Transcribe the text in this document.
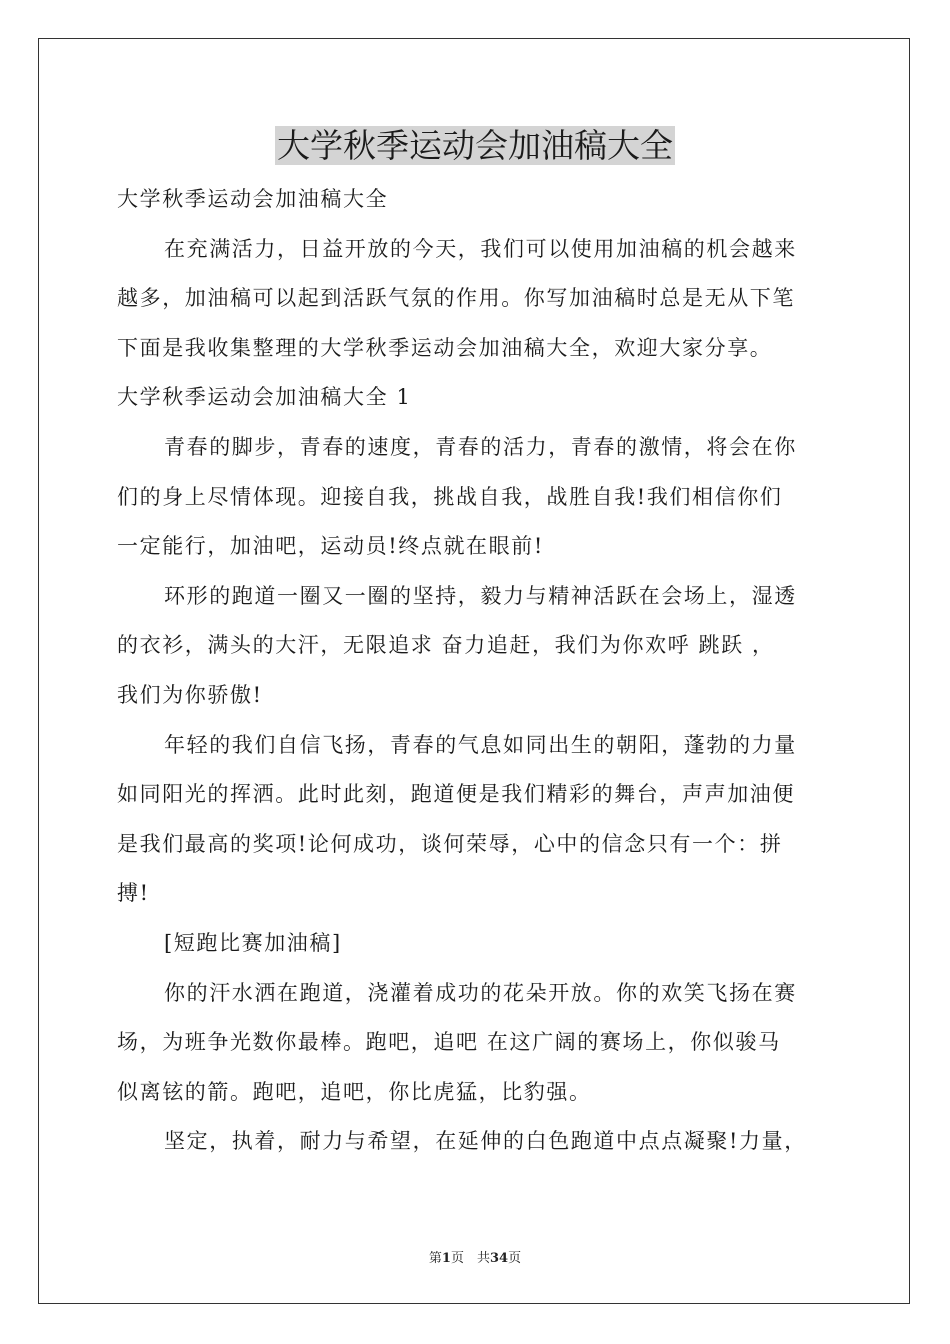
大学秋季运动会加油稿大全
大学秋季运动会加油稿大全
在充满活力，日益开放的今天，我们可以使用加油稿的机会越来
越多，加油稿可以起到活跃气氛的作用。你写加油稿时总是无从下笔
下面是我收集整理的大学秋季运动会加油稿大全，欢迎大家分享。
大学秋季运动会加油稿大全 1
青春的脚步，青春的速度，青春的活力，青春的激情，将会在你
们的身上尽情体现。迎接自我，挑战自我，战胜自我!我们相信你们
一定能行，加油吧，运动员!终点就在眼前!
环形的跑道一圈又一圈的坚持，毅力与精神活跃在会场上，湿透
的衣衫，满头的大汗，无限追求 奋力追赶，我们为你欢呼 跳跃 ，
我们为你骄傲!
年轻的我们自信飞扬，青春的气息如同出生的朝阳，蓬勃的力量
如同阳光的挥洒。此时此刻，跑道便是我们精彩的舞台，声声加油便
是我们最高的奖项!论何成功，谈何荣辱，心中的信念只有一个：拼
搏!
[短跑比赛加油稿]
你的汗水洒在跑道，浇灌着成功的花朵开放。你的欢笑飞扬在赛
场，为班争光数你最棒。跑吧，追吧 在这广阔的赛场上，你似骏马
似离铉的箭。跑吧，追吧，你比虎猛，比豹强。
坚定，执着，耐力与希望，在延伸的白色跑道中点点凝聚!力量，
第1页　共34页
